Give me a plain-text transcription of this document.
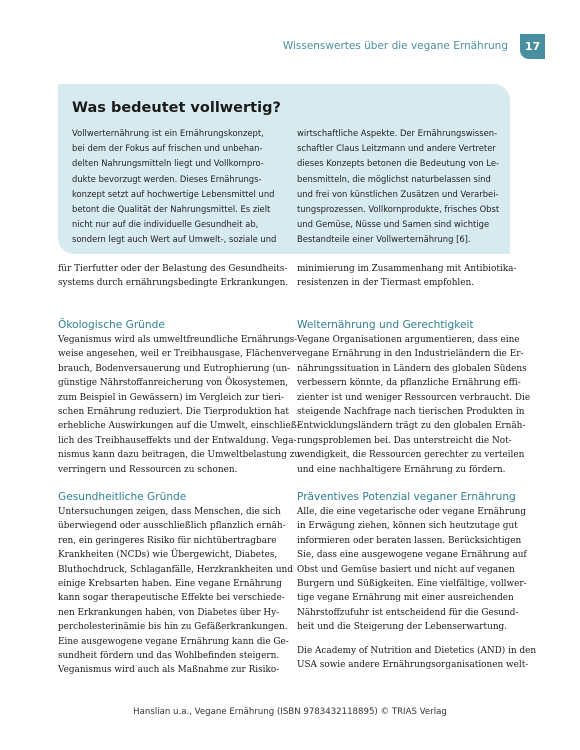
Wissenswertes über die vegane Ernährung	17
Was bedeutet vollwertig?
Vollwerternährung ist ein Ernährungskonzept,
bei dem der Fokus auf frischen und unbehan-
delten Nahrungsmitteln liegt und Vollkornpro-
dukte bevorzugt werden. Dieses Ernährungs-
konzept setzt auf hochwertige Lebensmittel und
betont die Qualität der Nahrungsmittel. Es zielt
nicht nur auf die individuelle Gesundheit ab,
sondern legt auch Wert auf Umwelt-, soziale und
wirtschaftliche Aspekte. Der Ernährungswissen-
schaftler Claus Leitzmann und andere Vertreter
dieses Konzepts betonen die Bedeutung von Le-
bensmitteln, die möglichst naturbelassen sind
und frei von künstlichen Zusätzen und Verarbei-
tungsprozessen. Vollkornprodukte, frisches Obst
und Gemüse, Nüsse und Samen sind wichtige
Bestandteile einer Vollwerternährung [6].
für Tierfutter oder der Belastung des Gesundheits-
systems durch ernährungsbedingte Erkrankungen.
minimierung im Zusammenhang mit Antibiotika-
resistenzen in der Tiermast empfohlen.
Ökologische Gründe
Veganismus wird als umweltfreundliche Ernährungs-
weise angesehen, weil er Treibhausgase, Flächenver-
brauch, Bodenversauerung und Eutrophierung (un-
günstige Nährstoffanreicherung von Ökosystemen,
zum Beispiel in Gewässern) im Vergleich zur tieri-
schen Ernährung reduziert. Die Tierproduktion hat
erhebliche Auswirkungen auf die Umwelt, einschließ-
lich des Treibhauseffekts und der Entwaldung. Vega-
nismus kann dazu beitragen, die Umweltbelastung zu
verringern und Ressourcen zu schonen.
Welternährung und Gerechtigkeit
Vegane Organisationen argumentieren, dass eine
vegane Ernährung in den Industrieländern die Er-
nährungssituation in Ländern des globalen Südens
verbessern könnte, da pflanzliche Ernährung effi-
zienter ist und weniger Ressourcen verbraucht. Die
steigende Nachfrage nach tierischen Produkten in
Entwicklungsländern trägt zu den globalen Ernäh-
rungsproblemen bei. Das unterstreicht die Not-
wendigkeit, die Ressourcen gerechter zu verteilen
und eine nachhaltigere Ernährung zu fördern.
Gesundheitliche Gründe
Untersuchungen zeigen, dass Menschen, die sich
überwiegend oder ausschließlich pflanzlich ernäh-
ren, ein geringeres Risiko für nichtübertragbare
Krankheiten (NCDs) wie Übergewicht, Diabetes,
Bluthochdruck, Schlaganfälle, Herzkrankheiten und
einige Krebsarten haben. Eine vegane Ernährung
kann sogar therapeutische Effekte bei verschiede-
nen Erkrankungen haben, von Diabetes über Hy-
percholesterinämie bis hin zu Gefäßerkrankungen.
Eine ausgewogene vegane Ernährung kann die Ge-
sundheit fördern und das Wohlbefinden steigern.
Veganismus wird auch als Maßnahme zur Risiko-
Präventives Potenzial veganer Ernährung
Alle, die eine vegetarische oder vegane Ernährung
in Erwägung ziehen, können sich heutzutage gut
informieren oder beraten lassen. Berücksichtigen
Sie, dass eine ausgewogene vegane Ernährung auf
Obst und Gemüse basiert und nicht auf veganen
Burgern und Süßigkeiten. Eine vielfältige, vollwer-
tige vegane Ernährung mit einer ausreichenden
Nährstoffzufuhr ist entscheidend für die Gesund-
heit und die Steigerung der Lebenserwartung.
Die Academy of Nutrition and Dietetics (AND) in den
USA sowie andere Ernährungsorganisationen welt-
Hanslian u.a., Vegane Ernährung (ISBN 9783432118895) © TRIAS Verlag
